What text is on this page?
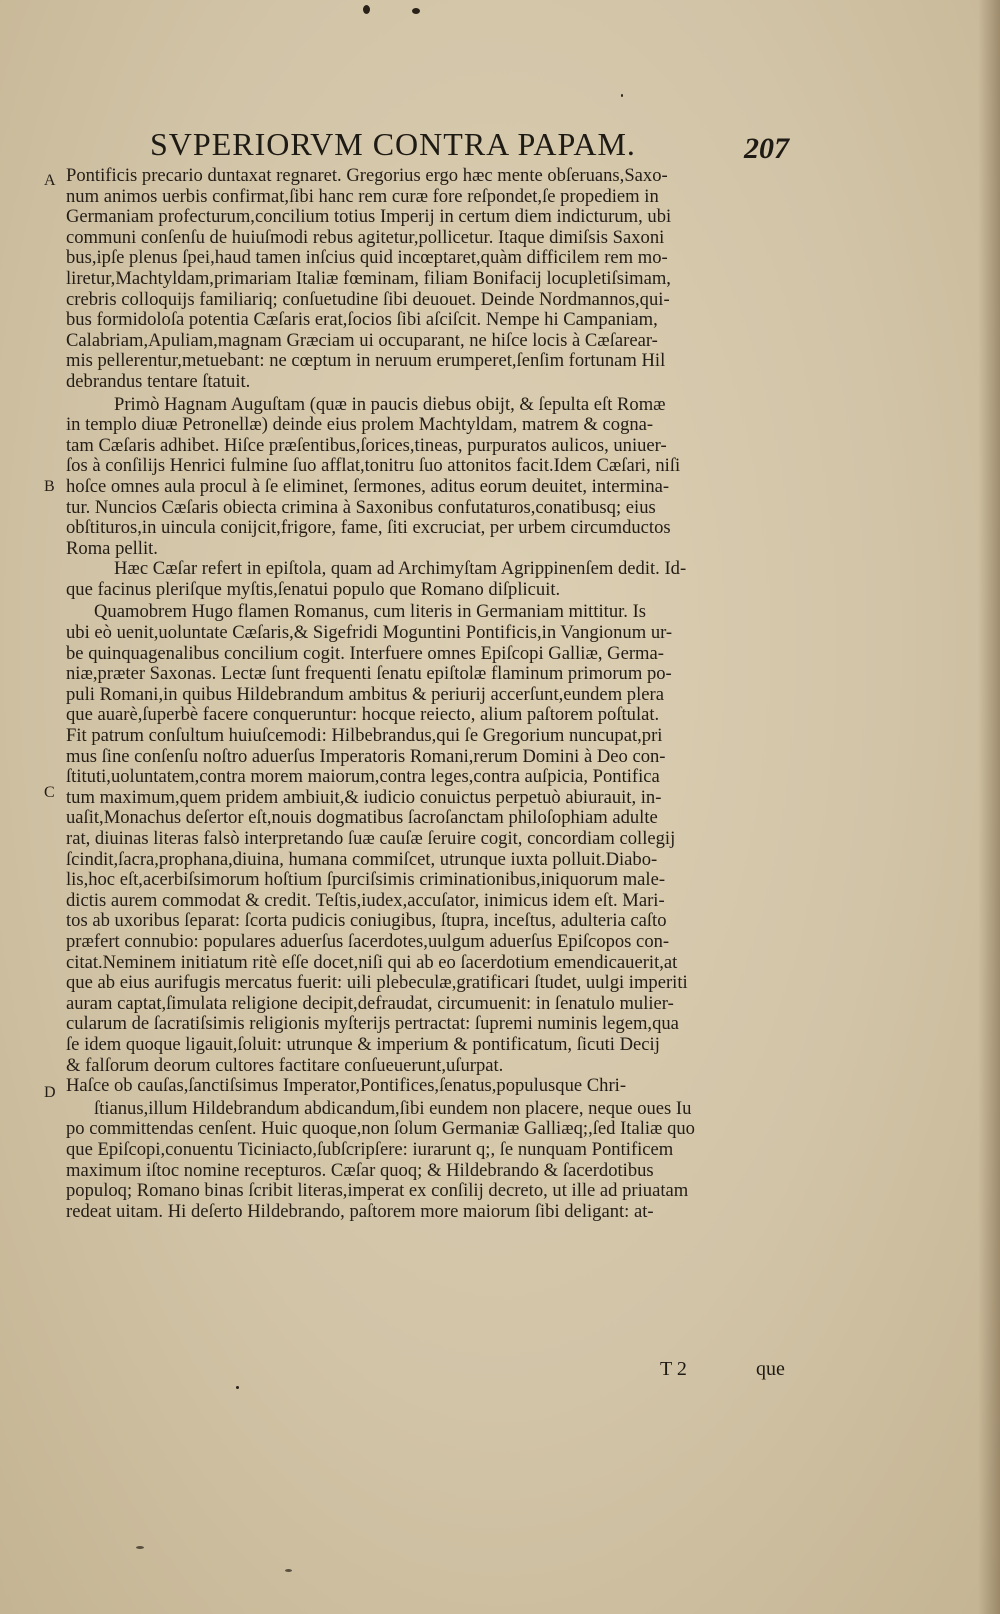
SVPERIORVM CONTRA PAPAM.	207
A
B
C
D
Pontificis precario duntaxat regnaret. Gregorius ergo hæc mente obſeruans,Saxo-
num animos uerbis confirmat,ſibi hanc rem curæ fore reſpondet,ſe propediem in
Germaniam profecturum,concilium totius Imperij in certum diem indicturum, ubi
communi conſenſu de huiuſmodi rebus agitetur,pollicetur. Itaque dimiſsis Saxoni
bus,ipſe plenus ſpei,haud tamen inſcius quid incœptaret,quàm difficilem rem mo-
liretur,Machtyldam,primariam Italiæ fœminam, filiam Bonifacij locupletiſsimam,
crebris colloquijs familiariq; conſuetudine ſibi deuouet. Deinde Nordmannos,qui-
bus formidoloſa potentia Cæſaris erat,ſocios ſibi aſciſcit. Nempe hi Campaniam,
Calabriam,Apuliam,magnam Græciam ui occuparant, ne hiſce locis à Cæſarear-
mis pellerentur,metuebant: ne cœptum in neruum erumperet,ſenſim fortunam Hil
debrandus tentare ſtatuit.
Primò Hagnam Auguſtam (quæ in paucis diebus obijt, & ſepulta eſt Romæ
in templo diuæ Petronellæ) deinde eius prolem Machtyldam, matrem & cogna-
tam Cæſaris adhibet. Hiſce præſentibus,ſorices,tineas, purpuratos aulicos, uniuer-
ſos à conſilijs Henrici fulmine ſuo afflat,tonitru ſuo attonitos facit.Idem Cæſari, niſi
hoſce omnes aula procul à ſe eliminet, ſermones, aditus eorum deuitet, intermina-
tur. Nuncios Cæſaris obiecta crimina à Saxonibus confutaturos,conatibusq; eius
obſtituros,in uincula conijcit,frigore, fame, ſiti excruciat, per urbem circumductos
Roma pellit.
Hæc Cæſar refert in epiſtola, quam ad Archimyſtam Agrippinenſem dedit. Id-
que facinus pleriſque myſtis,ſenatui populo que Romano diſplicuit.
Quamobrem Hugo flamen Romanus, cum literis in Germaniam mittitur. Is
ubi eò uenit,uoluntate Cæſaris,& Sigefridi Moguntini Pontificis,in Vangionum ur-
be quinquagenalibus concilium cogit. Interfuere omnes Epiſcopi Galliæ, Germa-
niæ,præter Saxonas. Lectæ ſunt frequenti ſenatu epiſtolæ flaminum primorum po-
puli Romani,in quibus Hildebrandum ambitus & periurij accerſunt,eundem plera
que auarè,ſuperbè facere conqueruntur: hocque reiecto, alium paſtorem poſtulat.
Fit patrum conſultum huiuſcemodi: Hilbebrandus,qui ſe Gregorium nuncupat,pri
mus ſine conſenſu noſtro aduerſus Imperatoris Romani,rerum Domini à Deo con-
ſtituti,uoluntatem,contra morem maiorum,contra leges,contra auſpicia, Pontifica
tum maximum,quem pridem ambiuit,& iudicio conuictus perpetuò abiurauit, in-
uaſit,Monachus deſertor eſt,nouis dogmatibus ſacroſanctam philoſophiam adulte
rat, diuinas literas falsò interpretando ſuæ cauſæ ſeruire cogit, concordiam collegij
ſcindit,ſacra,prophana,diuina, humana commiſcet, utrunque iuxta polluit.Diabo-
lis,hoc eſt,acerbiſsimorum hoſtium ſpurciſsimis criminationibus,iniquorum male-
dictis aurem commodat & credit. Teſtis,iudex,accuſator, inimicus idem eſt. Mari-
tos ab uxoribus ſeparat: ſcorta pudicis coniugibus, ſtupra, inceſtus, adulteria caſto
præfert connubio: populares aduerſus ſacerdotes,uulgum aduerſus Epiſcopos con-
citat.Neminem initiatum ritè eſſe docet,niſi qui ab eo ſacerdotium emendicauerit,at
que ab eius aurifugis mercatus fuerit: uili plebeculæ,gratificari ſtudet, uulgi imperiti
auram captat,ſimulata religione decipit,defraudat, circumuenit: in ſenatulo mulier-
cularum de ſacratiſsimis religionis myſterijs pertractat: ſupremi numinis legem,qua
ſe idem quoque ligauit,ſoluit: utrunque & imperium & pontificatum, ſicuti Decij
& falſorum deorum cultores factitare conſueuerunt,uſurpat.
Haſce ob cauſas,ſanctiſsimus Imperator,Pontifices,ſenatus,populusque Chri-
ſtianus,illum Hildebrandum abdicandum,ſibi eundem non placere, neque oues Iu
po committendas cenſent. Huic quoque,non ſolum Germaniæ Galliæq;,ſed Italiæ quo
que Epiſcopi,conuentu Ticiniacto,ſubſcripſere: iurarunt q;, ſe nunquam Pontificem
maximum iſtoc nomine recepturos. Cæſar quoq; & Hildebrando & ſacerdotibus
populoq; Romano binas ſcribit literas,imperat ex conſilij decreto, ut ille ad priuatam
redeat uitam. Hi deſerto Hildebrando, paſtorem more maiorum ſibi deligant: at-
T 2	que
